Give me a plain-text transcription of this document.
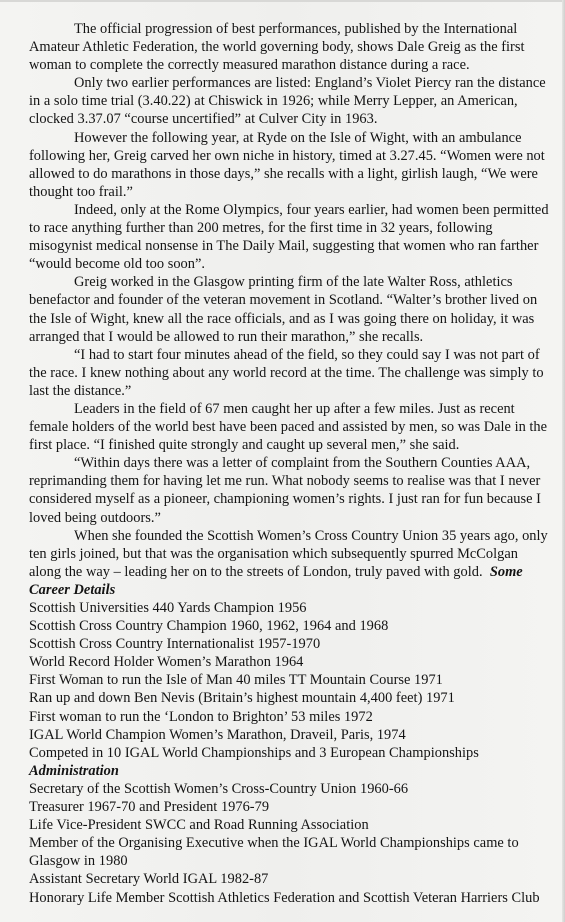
The official progression of best performances, published by the International Amateur Athletic Federation, the world governing body, shows Dale Greig as the first woman to complete the correctly measured marathon distance during a race.

Only two earlier performances are listed: England’s Violet Piercy ran the distance in a solo time trial (3.40.22) at Chiswick in 1926; while Merry Lepper, an American, clocked 3.37.07 “course uncertified” at Culver City in 1963.

However the following year, at Ryde on the Isle of Wight, with an ambulance following her, Greig carved her own niche in history, timed at 3.27.45. “Women were not allowed to do marathons in those days,” she recalls with a light, girlish laugh, “We were thought too frail.”

Indeed, only at the Rome Olympics, four years earlier, had women been permitted to race anything further than 200 metres, for the first time in 32 years, following misogynist medical nonsense in The Daily Mail, suggesting that women who ran farther “would become old too soon”.

Greig worked in the Glasgow printing firm of the late Walter Ross, athletics benefactor and founder of the veteran movement in Scotland. “Walter’s brother lived on the Isle of Wight, knew all the race officials, and as I was going there on holiday, it was arranged that I would be allowed to run their marathon,” she recalls.

“I had to start four minutes ahead of the field, so they could say I was not part of the race. I knew nothing about any world record at the time. The challenge was simply to last the distance.”

Leaders in the field of 67 men caught her up after a few miles. Just as recent female holders of the world best have been paced and assisted by men, so was Dale in the first place. “I finished quite strongly and caught up several men,” she said.

“Within days there was a letter of complaint from the Southern Counties AAA, reprimanding them for having let me run. What nobody seems to realise was that I never considered myself as a pioneer, championing women’s rights. I just ran for fun because I loved being outdoors.”

When she founded the Scottish Women’s Cross Country Union 35 years ago, only ten girls joined, but that was the organisation which subsequently spurred McColgan along the way – leading her on to the streets of London, truly paved with gold. Some Career Details

Scottish Universities 440 Yards Champion 1956
Scottish Cross Country Champion 1960, 1962, 1964 and 1968
Scottish Cross Country Internationalist 1957-1970
World Record Holder Women’s Marathon 1964
First Woman to run the Isle of Man 40 miles TT Mountain Course 1971
Ran up and down Ben Nevis (Britain’s highest mountain 4,400 feet) 1971
First woman to run the ‘London to Brighton’ 53 miles 1972
IGAL World Champion Women’s Marathon, Draveil, Paris, 1974
Competed in 10 IGAL World Championships and 3 European Championships
Administration
Secretary of the Scottish Women’s Cross-Country Union 1960-66
Treasurer 1967-70 and President 1976-79
Life Vice-President SWCC and Road Running Association
Member of the Organising Executive when the IGAL World Championships came to Glasgow in 1980
Assistant Secretary World IGAL 1982-87
Honorary Life Member Scottish Athletics Federation and Scottish Veteran Harriers Club
